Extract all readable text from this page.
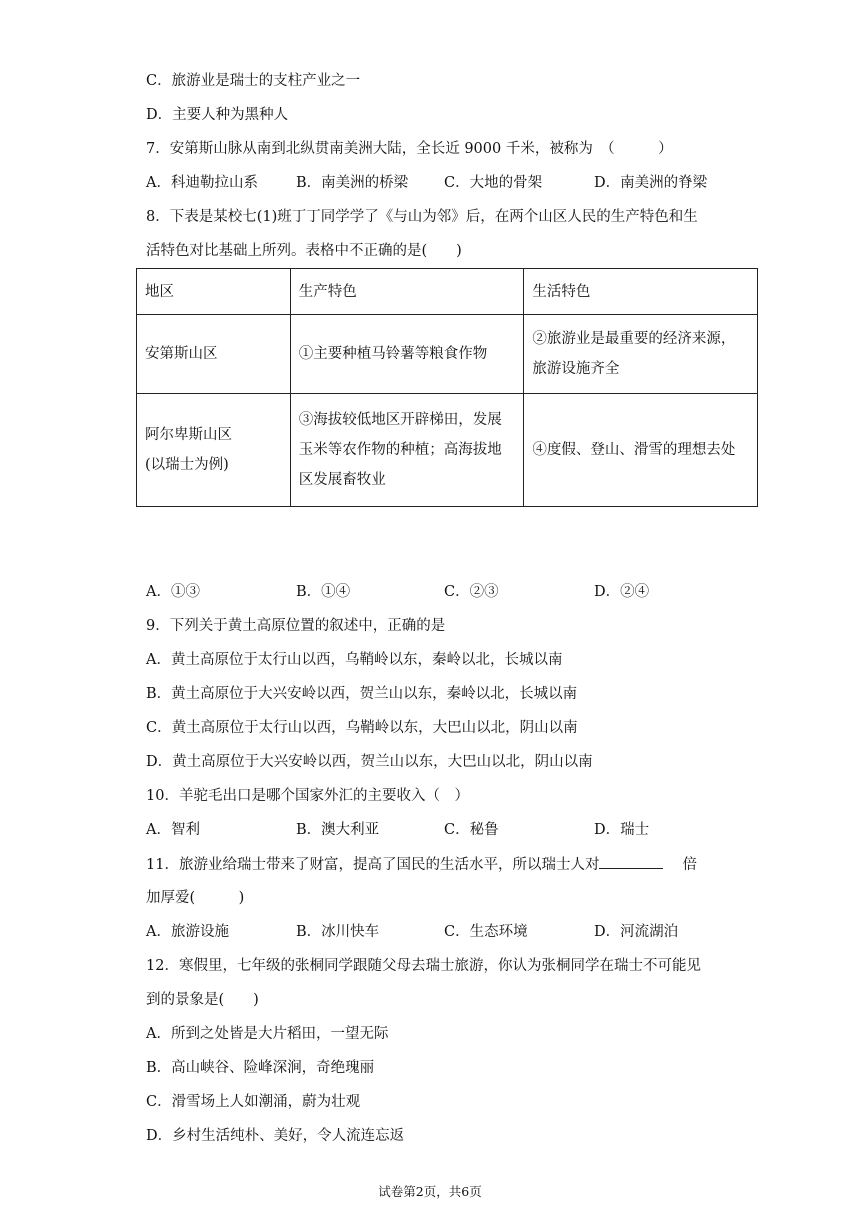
C．旅游业是瑞士的支柱产业之一
D．主要人种为黑种人
7．安第斯山脉从南到北纵贯南美洲大陆，全长近 9000 千米，被称为　（　　　）
A．科迪勒拉山系	B．南美洲的桥梁 C．大地的骨架	D．南美洲的脊梁
8．下表是某校七(1)班丁丁同学学了《与山为邻》后，在两个山区人民的生产特色和生
活特色对比基础上所列。表格中不正确的是(　　)
地区	生产特色	生活特色
安第斯山区	①主要种植马铃薯等粮食作物	②旅游业是最重要的经济来源，旅游设施齐全

阿尔卑斯山区
(以瑞士为例)	③海拔较低地区开辟梯田，发展玉米等农作物的种植；高海拔地区发展畜牧业	④度假、登山、滑雪的理想去处
A．①③	B．①④	C．②③	D．②④
9．下列关于黄土高原位置的叙述中，正确的是
A．黄土高原位于太行山以西，乌鞘岭以东，秦岭以北，长城以南
B．黄土高原位于大兴安岭以西，贺兰山以东，秦岭以北，长城以南
C．黄土高原位于太行山以西，乌鞘岭以东，大巴山以北，阴山以南
D．黄土高原位于大兴安岭以西，贺兰山以东，大巴山以北，阴山以南
10．羊驼毛出口是哪个国家外汇的主要收入（　）
A．智利	B．澳大利亚	C．秘鲁	D．瑞士
11．旅游业给瑞士带来了财富，提高了国民的生活水平，所以瑞士人对	　 倍
加厚爱(　　　)
A．旅游设施	B．冰川快车	C．生态环境	D．河流湖泊
12．寒假里，七年级的张桐同学跟随父母去瑞士旅游，你认为张桐同学在瑞士不可能见
到的景象是(　　)
A．所到之处皆是大片稻田，一望无际
B．高山峡谷、险峰深涧，奇绝瑰丽
C．滑雪场上人如潮涌，蔚为壮观
D．乡村生活纯朴、美好，令人流连忘返
试卷第2页，共6页
